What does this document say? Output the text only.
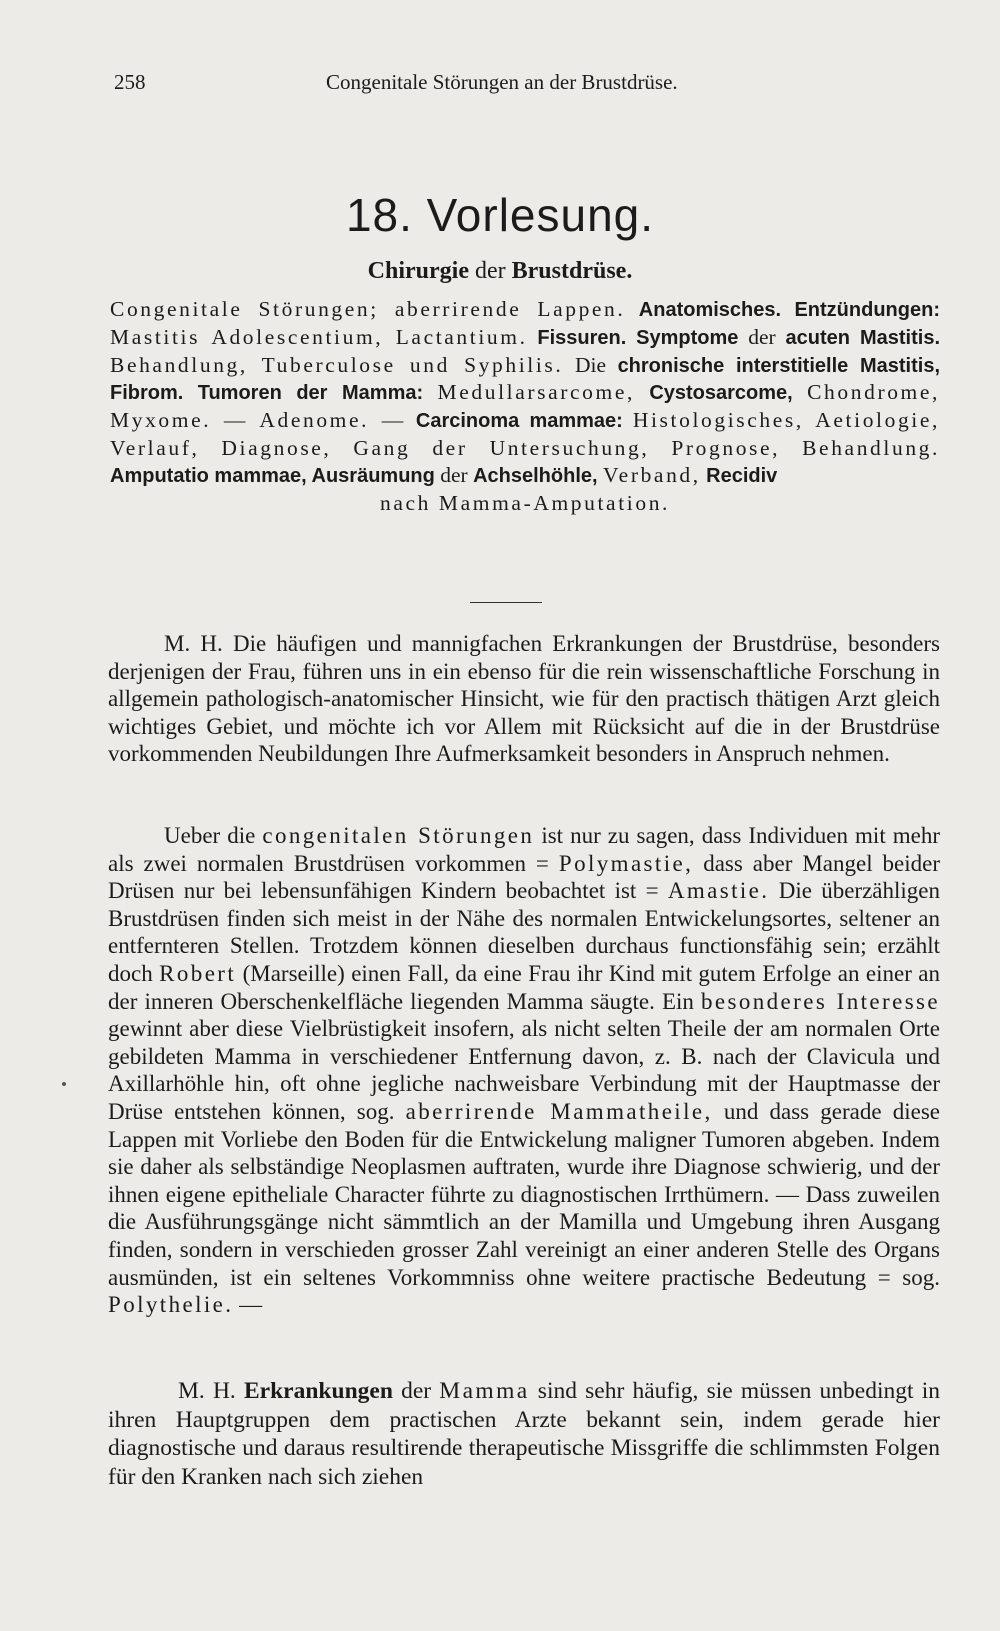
258	Congenitale Störungen an der Brustdrüse.
18. Vorlesung.
Chirurgie der Brustdrüse.
Congenitale Störungen; aberrirende Lappen. Anatomisches. Entzündungen: Mastitis Adolescentium, Lactantium. Fissuren. Symptome der acuten Mastitis. Behandlung, Tuberculose und Syphilis. Die chronische interstitielle Mastitis, Fibrom. Tumoren der Mamma: Medullarsarcome, Cystosarcome, Chondrome, Myxome. — Adenome. — Carcinoma mammae: Histologisches, Aetiologie, Verlauf, Diagnose, Gang der Untersuchung, Prognose, Behandlung. Amputatio mammae, Ausräumung der Achselhöhle, Verband, Recidiv
nach Mamma-Amputation.
M. H. Die häufigen und mannigfachen Erkrankungen der Brustdrüse, besonders derjenigen der Frau, führen uns in ein ebenso für die rein wissenschaftliche Forschung in allgemein pathologisch-anatomischer Hinsicht, wie für den practisch thätigen Arzt gleich wichtiges Gebiet, und möchte ich vor Allem mit Rücksicht auf die in der Brustdrüse vorkommenden Neubildungen Ihre Aufmerksamkeit besonders in Anspruch nehmen.
Ueber die congenitalen Störungen ist nur zu sagen, dass Individuen mit mehr als zwei normalen Brustdrüsen vorkommen = Polymastie, dass aber Mangel beider Drüsen nur bei lebensunfähigen Kindern beobachtet ist = Amastie. Die überzähligen Brustdrüsen finden sich meist in der Nähe des normalen Entwickelungsortes, seltener an entfernteren Stellen. Trotzdem können dieselben durchaus functionsfähig sein; erzählt doch Robert (Marseille) einen Fall, da eine Frau ihr Kind mit gutem Erfolge an einer an der inneren Oberschenkelfläche liegenden Mamma säugte. Ein besonderes Interesse gewinnt aber diese Vielbrüstigkeit insofern, als nicht selten Theile der am normalen Orte gebildeten Mamma in verschiedener Entfernung davon, z. B. nach der Clavicula und Axillarhöhle hin, oft ohne jegliche nachweisbare Verbindung mit der Hauptmasse der Drüse entstehen können, sog. aberrirende Mammatheile, und dass gerade diese Lappen mit Vorliebe den Boden für die Entwickelung maligner Tumoren abgeben. Indem sie daher als selbständige Neoplasmen auftraten, wurde ihre Diagnose schwierig, und der ihnen eigene epitheliale Character führte zu diagnostischen Irrthümern. — Dass zuweilen die Ausführungsgänge nicht sämmtlich an der Mamilla und Umgebung ihren Ausgang finden, sondern in verschieden grosser Zahl vereinigt an einer anderen Stelle des Organs ausmünden, ist ein seltenes Vorkommniss ohne weitere practische Bedeutung = sog. Polythelie. —
M. H. Erkrankungen der Mamma sind sehr häufig, sie müssen unbedingt in ihren Hauptgruppen dem practischen Arzte bekannt sein, indem gerade hier diagnostische und daraus resultirende therapeutische Missgriffe die schlimmsten Folgen für den Kranken nach sich ziehen
